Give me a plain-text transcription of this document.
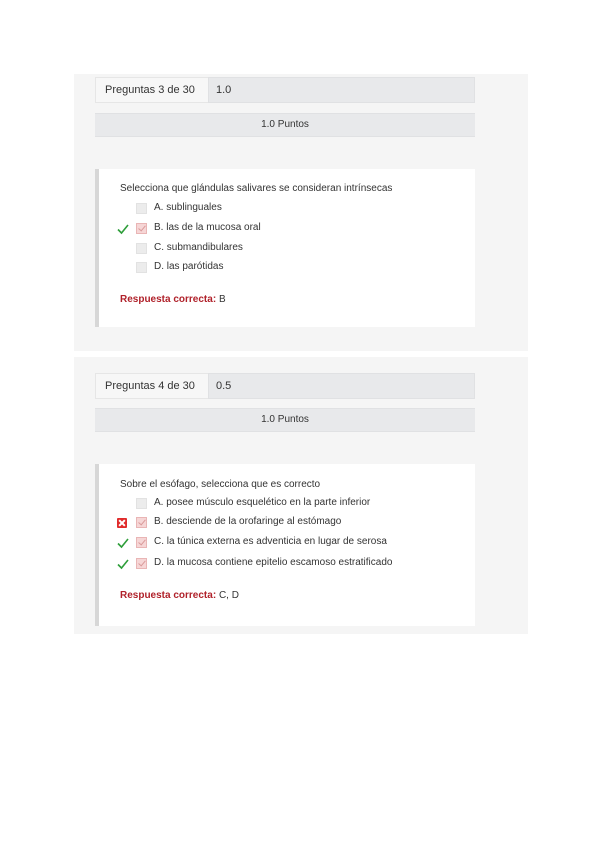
Preguntas 3 de 30	1.0
1.0 Puntos
Selecciona que glándulas salivares se consideran intrínsecas
A. sublinguales
B. las de la mucosa oral
C. submandibulares
D. las parótidas
Respuesta correcta: B
Preguntas 4 de 30	0.5
1.0 Puntos
Sobre el esófago, selecciona que es correcto
A. posee músculo esquelético en la parte inferior
B. desciende de la orofaringe al estómago
C. la túnica externa es adventicia en lugar de serosa
D. la mucosa contiene epitelio escamoso estratificado
Respuesta correcta: C, D
